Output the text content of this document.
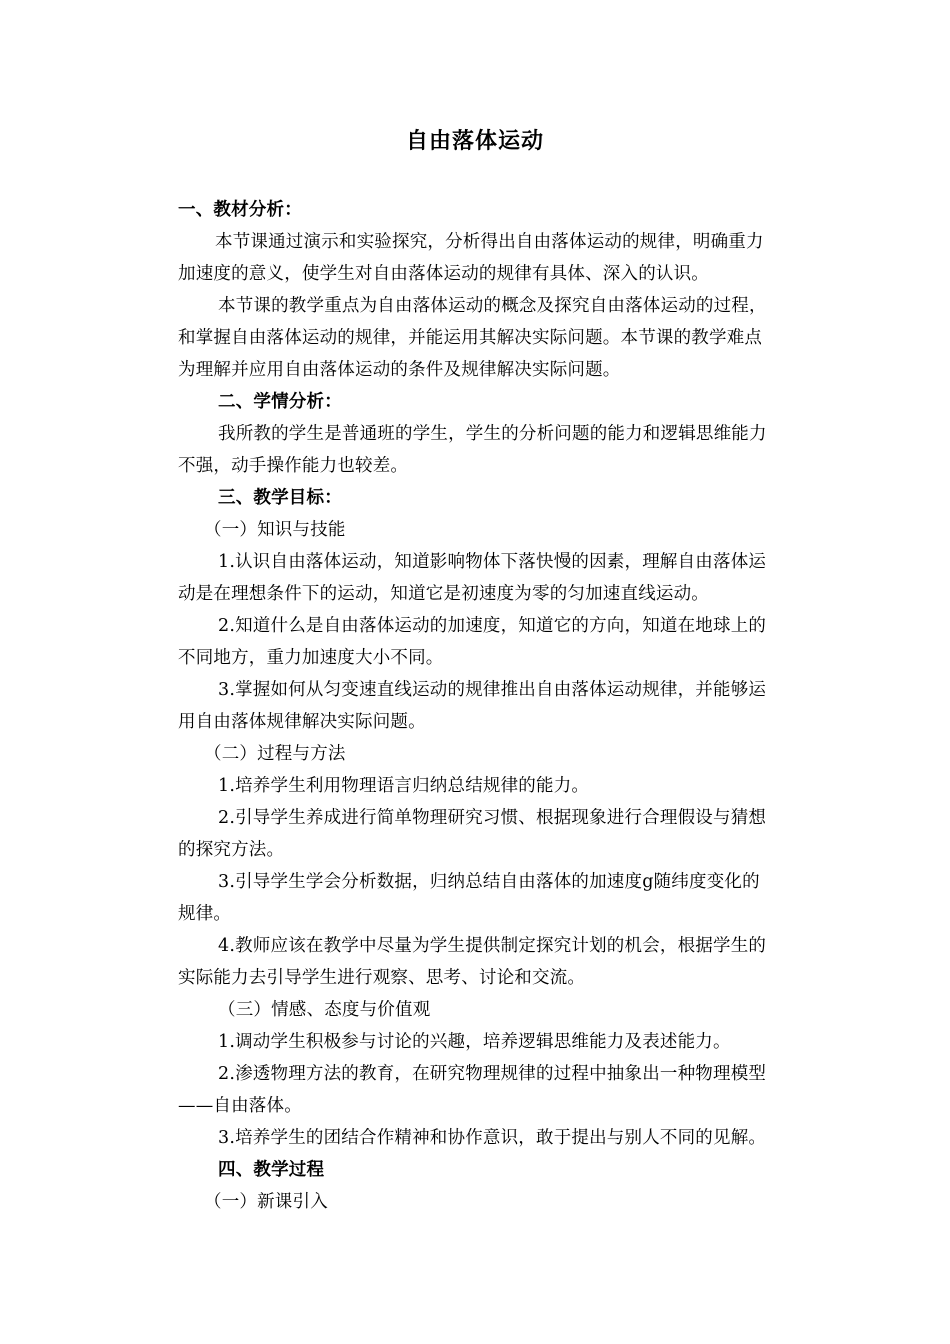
自由落体运动
一、教材分析：
本节课通过演示和实验探究，分析得出自由落体运动的规律，明确重力
加速度的意义，使学生对自由落体运动的规律有具体、深入的认识。
本节课的教学重点为自由落体运动的概念及探究自由落体运动的过程，
和掌握自由落体运动的规律，并能运用其解决实际问题。本节课的教学难点
为理解并应用自由落体运动的条件及规律解决实际问题。
二、学情分析：
我所教的学生是普通班的学生，学生的分析问题的能力和逻辑思维能力
不强，动手操作能力也较差。
三、教学目标：
（一）知识与技能
1.认识自由落体运动，知道影响物体下落快慢的因素，理解自由落体运
动是在理想条件下的运动，知道它是初速度为零的匀加速直线运动。
2.知道什么是自由落体运动的加速度，知道它的方向，知道在地球上的
不同地方，重力加速度大小不同。
3.掌握如何从匀变速直线运动的规律推出自由落体运动规律，并能够运
用自由落体规律解决实际问题。
（二）过程与方法
1.培养学生利用物理语言归纳总结规律的能力。
2.引导学生养成进行简单物理研究习惯、根据现象进行合理假设与猜想
的探究方法。
3.引导学生学会分析数据，归纳总结自由落体的加速度g随纬度变化的
规律。
4.教师应该在教学中尽量为学生提供制定探究计划的机会，根据学生的
实际能力去引导学生进行观察、思考、讨论和交流。
（三）情感、态度与价值观
1.调动学生积极参与讨论的兴趣，培养逻辑思维能力及表述能力。
2.渗透物理方法的教育，在研究物理规律的过程中抽象出一种物理模型
——自由落体。
3.培养学生的团结合作精神和协作意识，敢于提出与别人不同的见解。
四、教学过程
（一）新课引入
